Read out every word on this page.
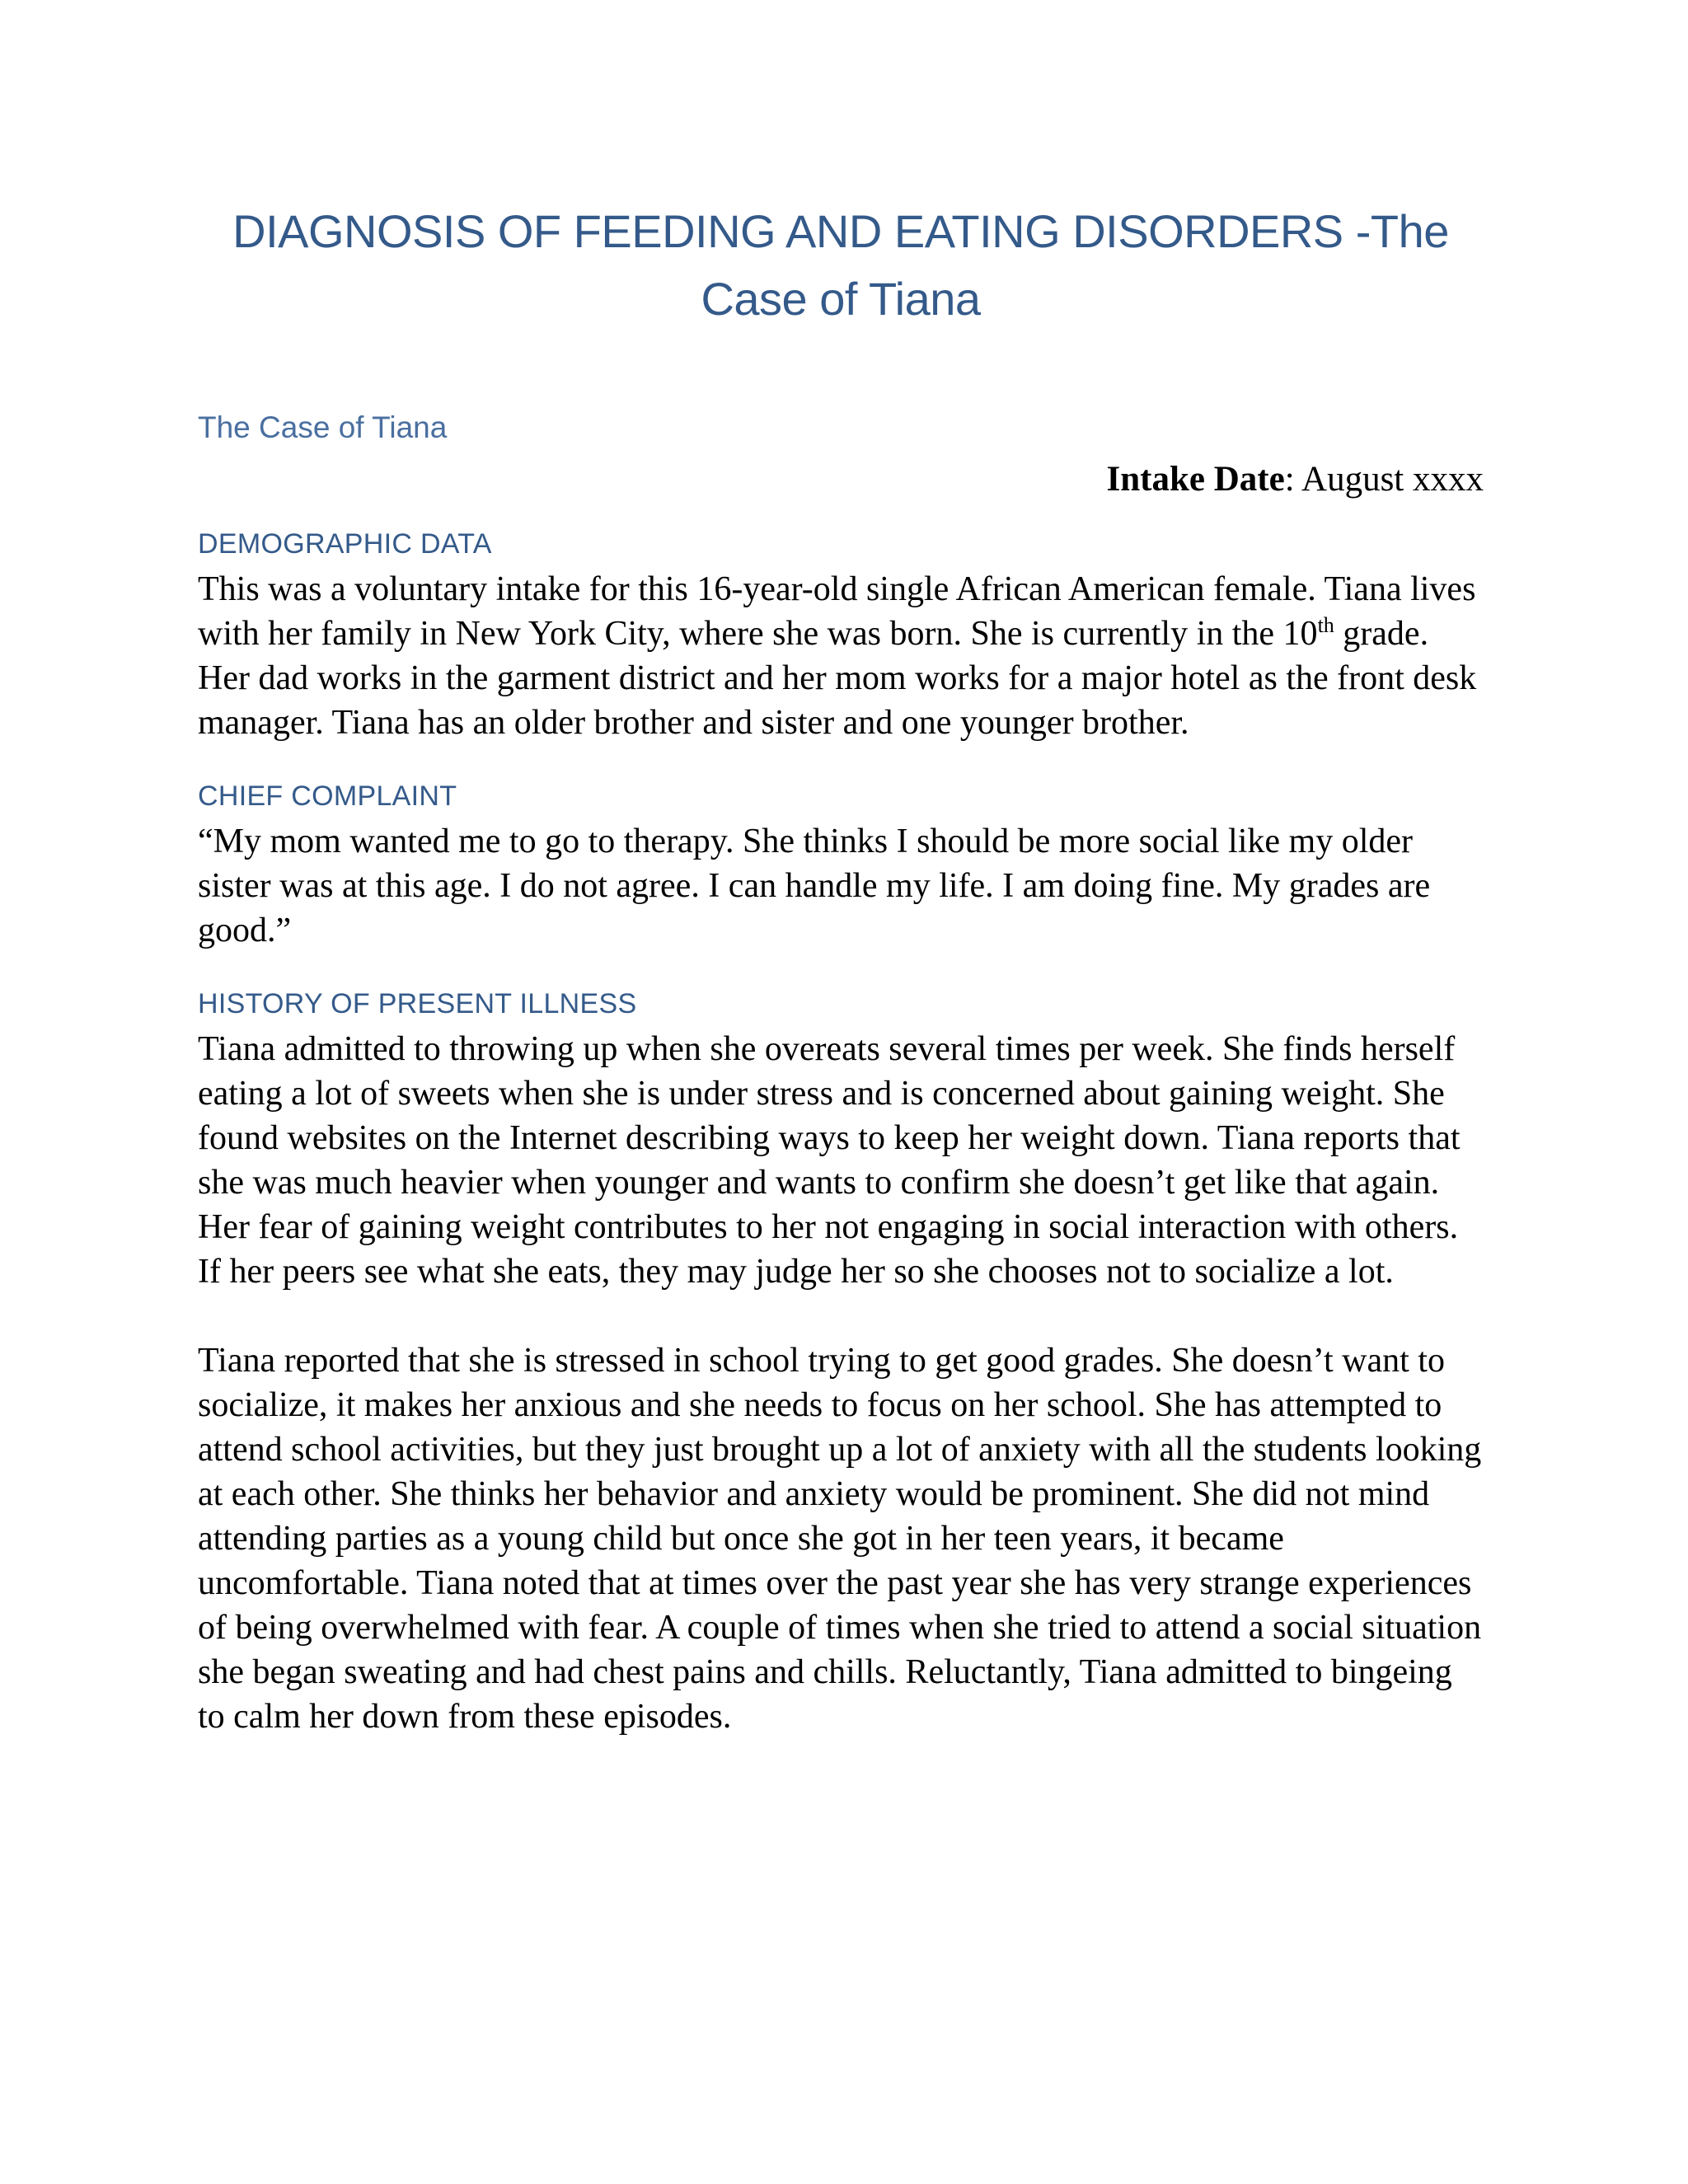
DIAGNOSIS OF FEEDING AND EATING DISORDERS -The Case of Tiana
The Case of Tiana

Intake Date: August xxxx

DEMOGRAPHIC DATA

This was a voluntary intake for this 16-year-old single African American female. Tiana lives with her family in New York City, where she was born. She is currently in the 10th grade. Her dad works in the garment district and her mom works for a major hotel as the front desk manager. Tiana has an older brother and sister and one younger brother.

CHIEF COMPLAINT

“My mom wanted me to go to therapy. She thinks I should be more social like my older sister was at this age. I do not agree. I can handle my life. I am doing fine. My grades are good.”

HISTORY OF PRESENT ILLNESS

Tiana admitted to throwing up when she overeats several times per week. She finds herself eating a lot of sweets when she is under stress and is concerned about gaining weight. She found websites on the Internet describing ways to keep her weight down. Tiana reports that she was much heavier when younger and wants to confirm she doesn’t get like that again. Her fear of gaining weight contributes to her not engaging in social interaction with others. If her peers see what she eats, they may judge her so she chooses not to socialize a lot.

Tiana reported that she is stressed in school trying to get good grades. She doesn’t want to socialize, it makes her anxious and she needs to focus on her school. She has attempted to attend school activities, but they just brought up a lot of anxiety with all the students looking at each other. She thinks her behavior and anxiety would be prominent. She did not mind attending parties as a young child but once she got in her teen years, it became uncomfortable. Tiana noted that at times over the past year she has very strange experiences of being overwhelmed with fear. A couple of times when she tried to attend a social situation she began sweating and had chest pains and chills. Reluctantly, Tiana admitted to bingeing to calm her down from these episodes.
